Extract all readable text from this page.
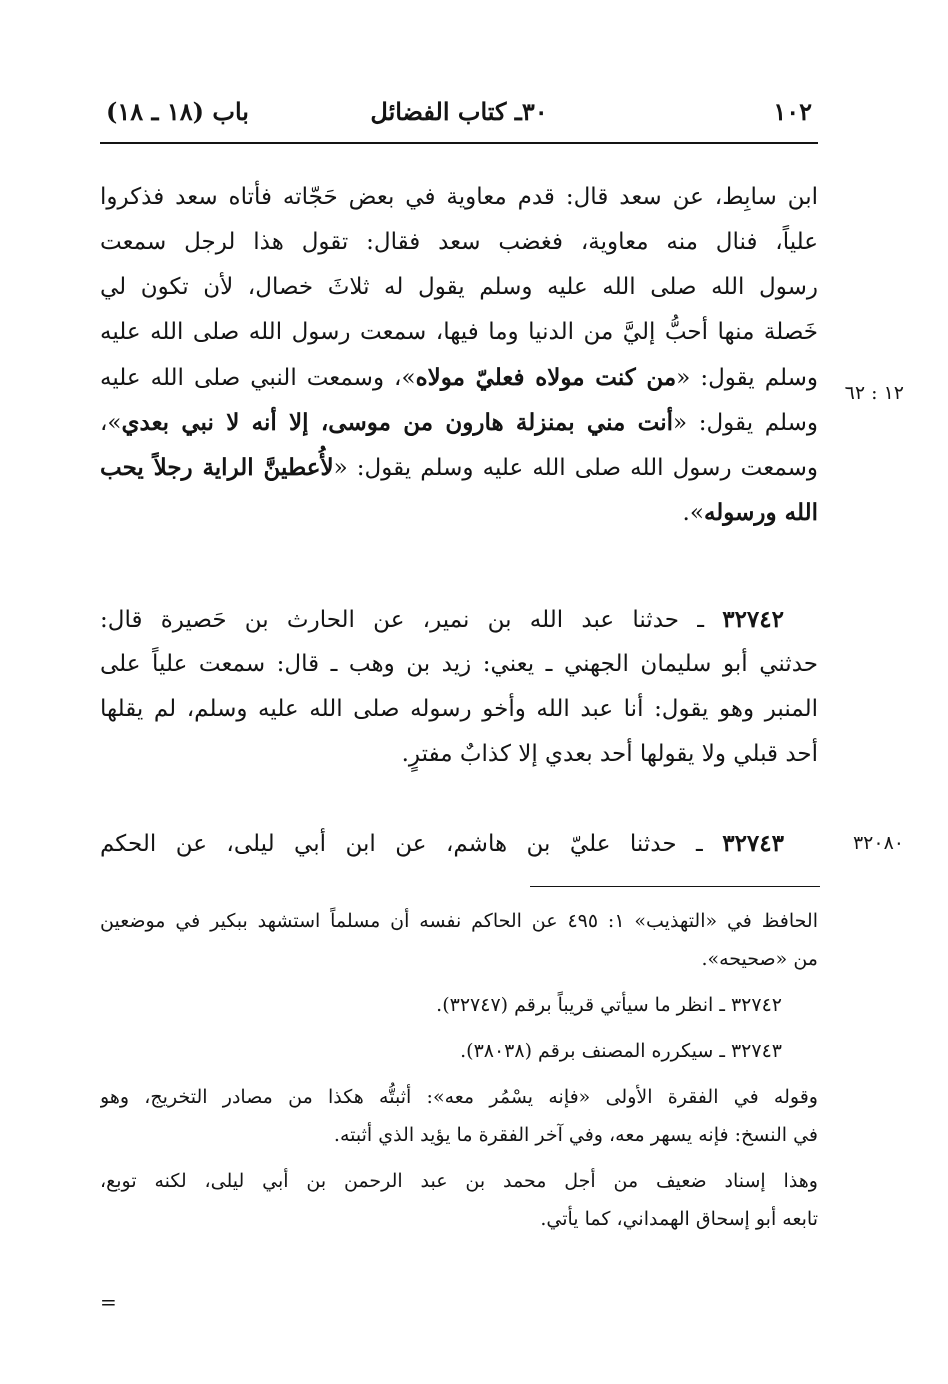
١٠٢
٣٠ـ كتاب الفضائل
باب (١٨ ـ ١٨)
١٢ : ٦٢
ابن سابِط، عن سعد قال: قدم معاوية في بعض حَجّاته فأتاه سعد فذكروا
علياً، فنال منه معاوية، فغضب سعد فقال: تقول هذا لرجل سمعت
رسول الله صلى الله عليه وسلم يقول له ثلاثَ خصال، لأن تكون لي
خَصلة منها أحبُّ إليَّ من الدنيا وما فيها، سمعت رسول الله صلى الله عليه
وسلم يقول: «من كنت مولاه فعليّ مولاه»، وسمعت النبي صلى الله عليه
وسلم يقول: «أنت مني بمنزلة هارون من موسى، إلا أنه لا نبي بعدي»،
وسمعت رسول الله صلى الله عليه وسلم يقول: «لأُعطينَّ الراية رجلاً يحب
الله ورسوله».
٣٢٧٤٢ ـ حدثنا عبد الله بن نمير، عن الحارث بن حَصيرة قال:
حدثني أبو سليمان الجهني ـ يعني: زيد بن وهب ـ قال: سمعت علياً على
المنبر وهو يقول: أنا عبد الله وأخو رسوله صلى الله عليه وسلم، لم يقلها
أحد قبلي ولا يقولها أحد بعدي إلا كذابٌ مفترٍ.
٣٢٠٨٠
٣٢٧٤٣ ـ حدثنا عليّ بن هاشم، عن ابن أبي ليلى، عن الحكم
الحافظ في «التهذيب» ١: ٤٩٥ عن الحاكم نفسه أن مسلماً استشهد ببكير في موضعين
من «صحيحه».
٣٢٧٤٢ ـ انظر ما سيأتي قريباً برقم (٣٢٧٤٧).
٣٢٧٤٣ ـ سيكرره المصنف برقم (٣٨٠٣٨).
وقوله في الفقرة الأولى «فإنه يسْمُر معه»: أثبتُّه هكذا من مصادر التخريج، وهو
في النسخ: فإنه يسهر معه، وفي آخر الفقرة ما يؤيد الذي أثبته.
وهذا إسناد ضعيف من أجل محمد بن عبد الرحمن بن أبي ليلى، لكنه توبع،
تابعه أبو إسحاق الهمداني، كما يأتي.
=
